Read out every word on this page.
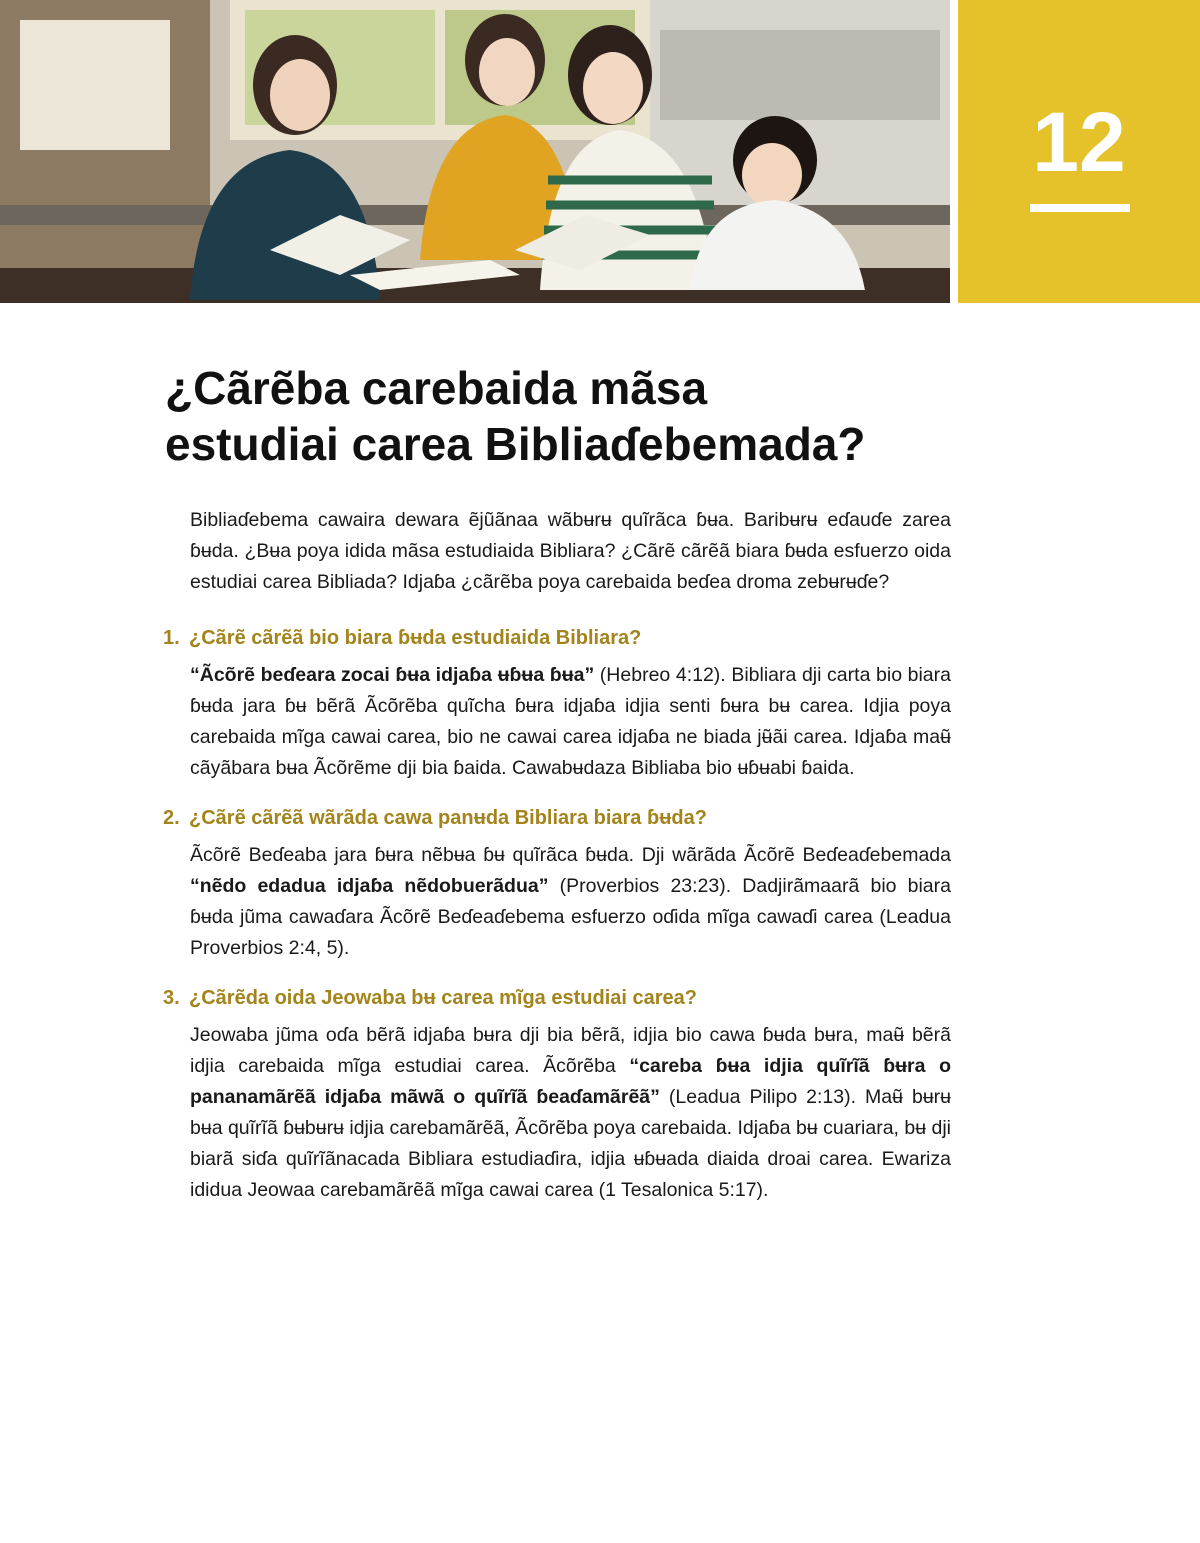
12
¿Cãrẽba carebaida mãsa
estudiai carea Bibliaɗebemada?

Bibliaɗebema cawaira dewara ẽjũãnaa wãbʉrʉ quĩrãca ɓʉa. Baribʉrʉ eɗauɗe zarea ɓʉda. ¿Bʉa poya idida mãsa estudiaida Bibliara? ¿Cãrẽ cãrẽã biara ɓʉda esfuerzo oida estudiai carea Bibliada? Idjaɓa ¿cãrẽba poya carebaida beɗea droma zebʉrʉɗe?

1. ¿Cãrẽ cãrẽã bio biara ɓʉda estudiaida Bibliara?

“Ãcõrẽ beɗeara zocai ɓʉa idjaɓa ʉɓʉa ɓʉa” (Hebreo 4:12). Bibliara dji carta bio biara ɓʉda jara ɓʉ bẽrã Ãcõrẽba quĩcha ɓʉra idjaɓa idjia senti ɓʉra bʉ carea. Idjia poya carebaida mĩga cawai carea, bio ne cawai carea idjaɓa ne biada jʉ̃ãi carea. Idjaɓa maʉ̃ cãyãbara bʉa Ãcõrẽme dji bia ɓaida. Cawabʉdaza Bibliaba bio ʉɓʉabi ɓaida.

2. ¿Cãrẽ cãrẽã wãrãda cawa panʉda Bibliara biara ɓʉda?

Ãcõrẽ Beɗeaba jara ɓʉra nẽbʉa ɓʉ quĩrãca ɓʉda. Dji wãrãda Ãcõrẽ Beɗeaɗebemada “nẽdo edadua idjaɓa nẽdobuerãdua” (Proverbios 23:23). Dadjirãmaarã bio biara ɓʉda jũma cawaɗara Ãcõrẽ Beɗeaɗebema esfuerzo oɗida mĩga cawaɗi carea (Leadua Proverbios 2:4, 5).

3. ¿Cãrẽda oida Jeowaba bʉ carea mĩga estudiai carea?

Jeowaba jũma oɗa bẽrã idjaɓa bʉra dji bia bẽrã, idjia bio cawa ɓʉda bʉra, maʉ̃ bẽrã idjia carebaida mĩga estudiai carea. Ãcõrẽba “careba ɓʉa idjia quĩrĩã ɓʉra o pananamãrẽã idjaɓa mãwã o quĩrĩã ɓeaɗamãrẽã” (Leadua Pilipo 2:13). Maʉ̃ bʉrʉ bʉa quĩrĩã ɓʉbʉrʉ idjia carebamãrẽã, Ãcõrẽba poya carebaida. Idjaɓa bʉ cuariara, bʉ dji biarã siɗa quĩrĩãnacada Bibliara estudiaɗira, idjia ʉɓʉada diaida droai carea. Ewariza ididua Jeowaa carebamãrẽã mĩga cawai carea (1 Tesalonica 5:17).
